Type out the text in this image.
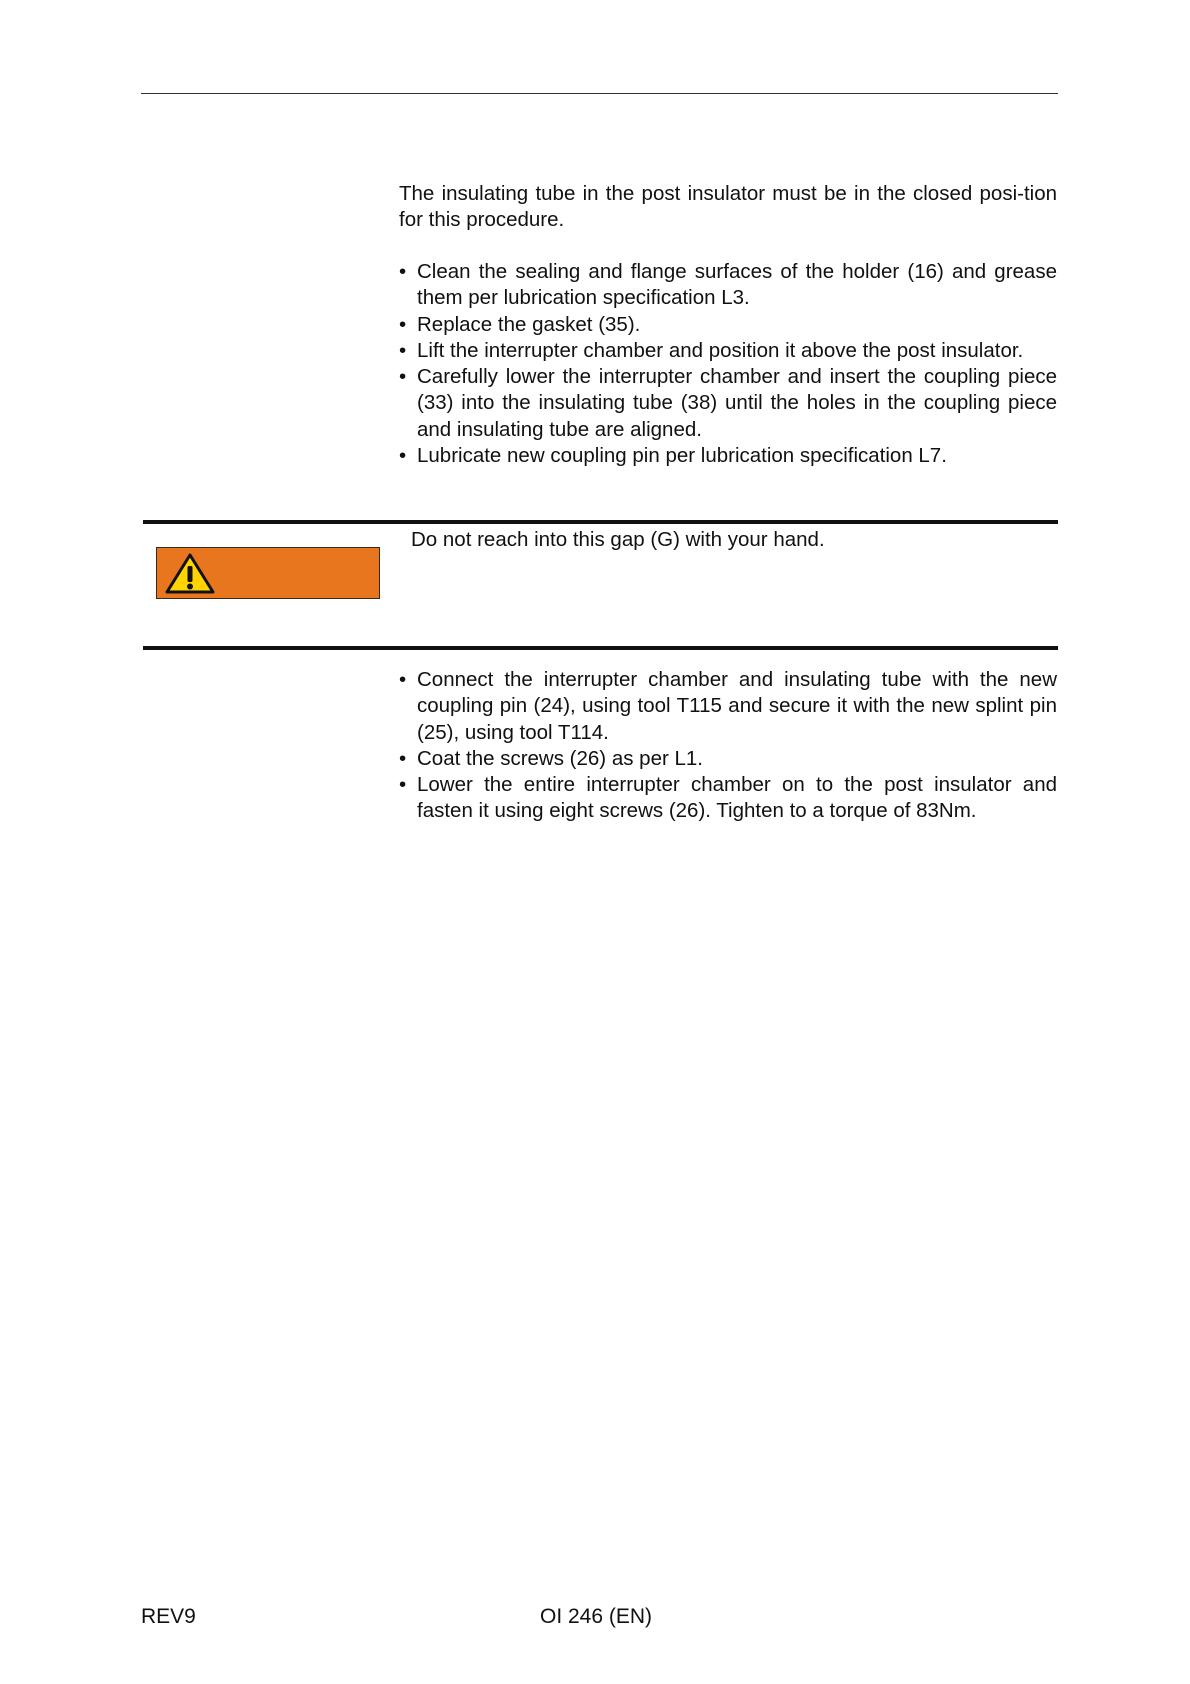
The insulating tube in the post insulator must be in the closed posi-tion for this procedure.

• Clean the sealing and flange surfaces of the holder (16) and grease them per lubrication specification L3.
• Replace the gasket (35).
• Lift the interrupter chamber and position it above the post insulator.
• Carefully lower the interrupter chamber and insert the coupling piece (33) into the insulating tube (38) until the holes in the coupling piece and insulating tube are aligned.
• Lubricate new coupling pin per lubrication specification L7.
Do not reach into this gap (G) with your hand.
• Connect the interrupter chamber and insulating tube with the new coupling pin (24), using tool T115 and secure it with the new splint pin (25), using tool T114.
• Coat the screws (26) as per L1.
• Lower the entire interrupter chamber on to the post insulator and fasten it using eight screws (26). Tighten to a torque of 83Nm.
REV9	OI 246 (EN)
